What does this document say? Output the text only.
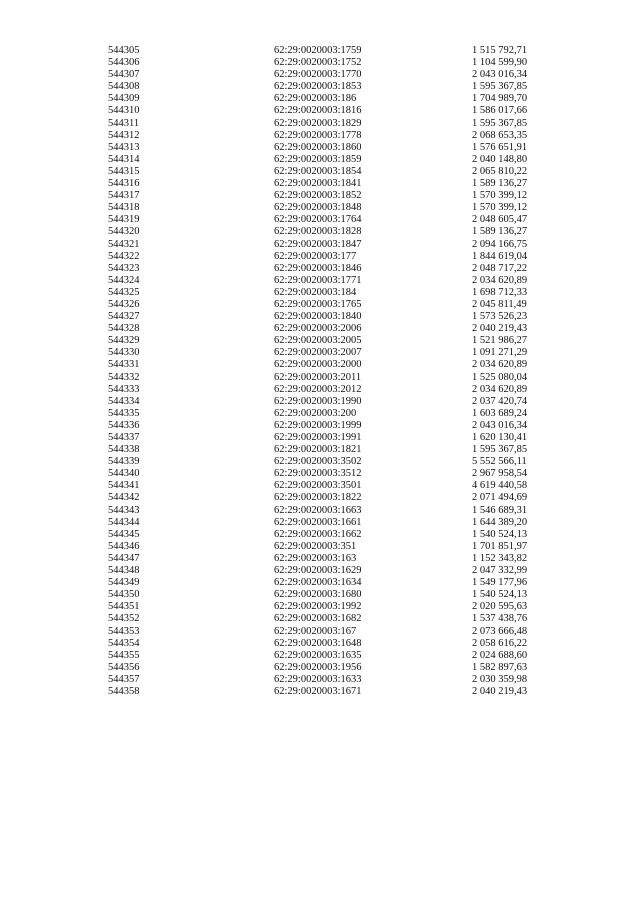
544305	62:29:0020003:1759	1 515 792,71
544306	62:29:0020003:1752	1 104 599,90
544307	62:29:0020003:1770	2 043 016,34
544308	62:29:0020003:1853	1 595 367,85
544309	62:29:0020003:186	1 704 989,70
544310	62:29:0020003:1816	1 586 017,66
544311	62:29:0020003:1829	1 595 367,85
544312	62:29:0020003:1778	2 068 653,35
544313	62:29:0020003:1860	1 576 651,91
544314	62:29:0020003:1859	2 040 148,80
544315	62:29:0020003:1854	2 065 810,22
544316	62:29:0020003:1841	1 589 136,27
544317	62:29:0020003:1852	1 570 399,12
544318	62:29:0020003:1848	1 570 399,12
544319	62:29:0020003:1764	2 048 605,47
544320	62:29:0020003:1828	1 589 136,27
544321	62:29:0020003:1847	2 094 166,75
544322	62:29:0020003:177	1 844 619,04
544323	62:29:0020003:1846	2 048 717,22
544324	62:29:0020003:1771	2 034 620,89
544325	62:29:0020003:184	1 698 712,33
544326	62:29:0020003:1765	2 045 811,49
544327	62:29:0020003:1840	1 573 526,23
544328	62:29:0020003:2006	2 040 219,43
544329	62:29:0020003:2005	1 521 986,27
544330	62:29:0020003:2007	1 091 271,29
544331	62:29:0020003:2000	2 034 620,89
544332	62:29:0020003:2011	1 525 080,04
544333	62:29:0020003:2012	2 034 620,89
544334	62:29:0020003:1990	2 037 420,74
544335	62:29:0020003:200	1 603 689,24
544336	62:29:0020003:1999	2 043 016,34
544337	62:29:0020003:1991	1 620 130,41
544338	62:29:0020003:1821	1 595 367,85
544339	62:29:0020003:3502	5 552 566,11
544340	62:29:0020003:3512	2 967 958,54
544341	62:29:0020003:3501	4 619 440,58
544342	62:29:0020003:1822	2 071 494,69
544343	62:29:0020003:1663	1 546 689,31
544344	62:29:0020003:1661	1 644 389,20
544345	62:29:0020003:1662	1 540 524,13
544346	62:29:0020003:351	1 701 851,97
544347	62:29:0020003:163	1 152 343,82
544348	62:29:0020003:1629	2 047 332,99
544349	62:29:0020003:1634	1 549 177,96
544350	62:29:0020003:1680	1 540 524,13
544351	62:29:0020003:1992	2 020 595,63
544352	62:29:0020003:1682	1 537 438,76
544353	62:29:0020003:167	2 073 666,48
544354	62:29:0020003:1648	2 058 616,22
544355	62:29:0020003:1635	2 024 688,60
544356	62:29:0020003:1956	1 582 897,63
544357	62:29:0020003:1633	2 030 359,98
544358	62:29:0020003:1671	2 040 219,43
